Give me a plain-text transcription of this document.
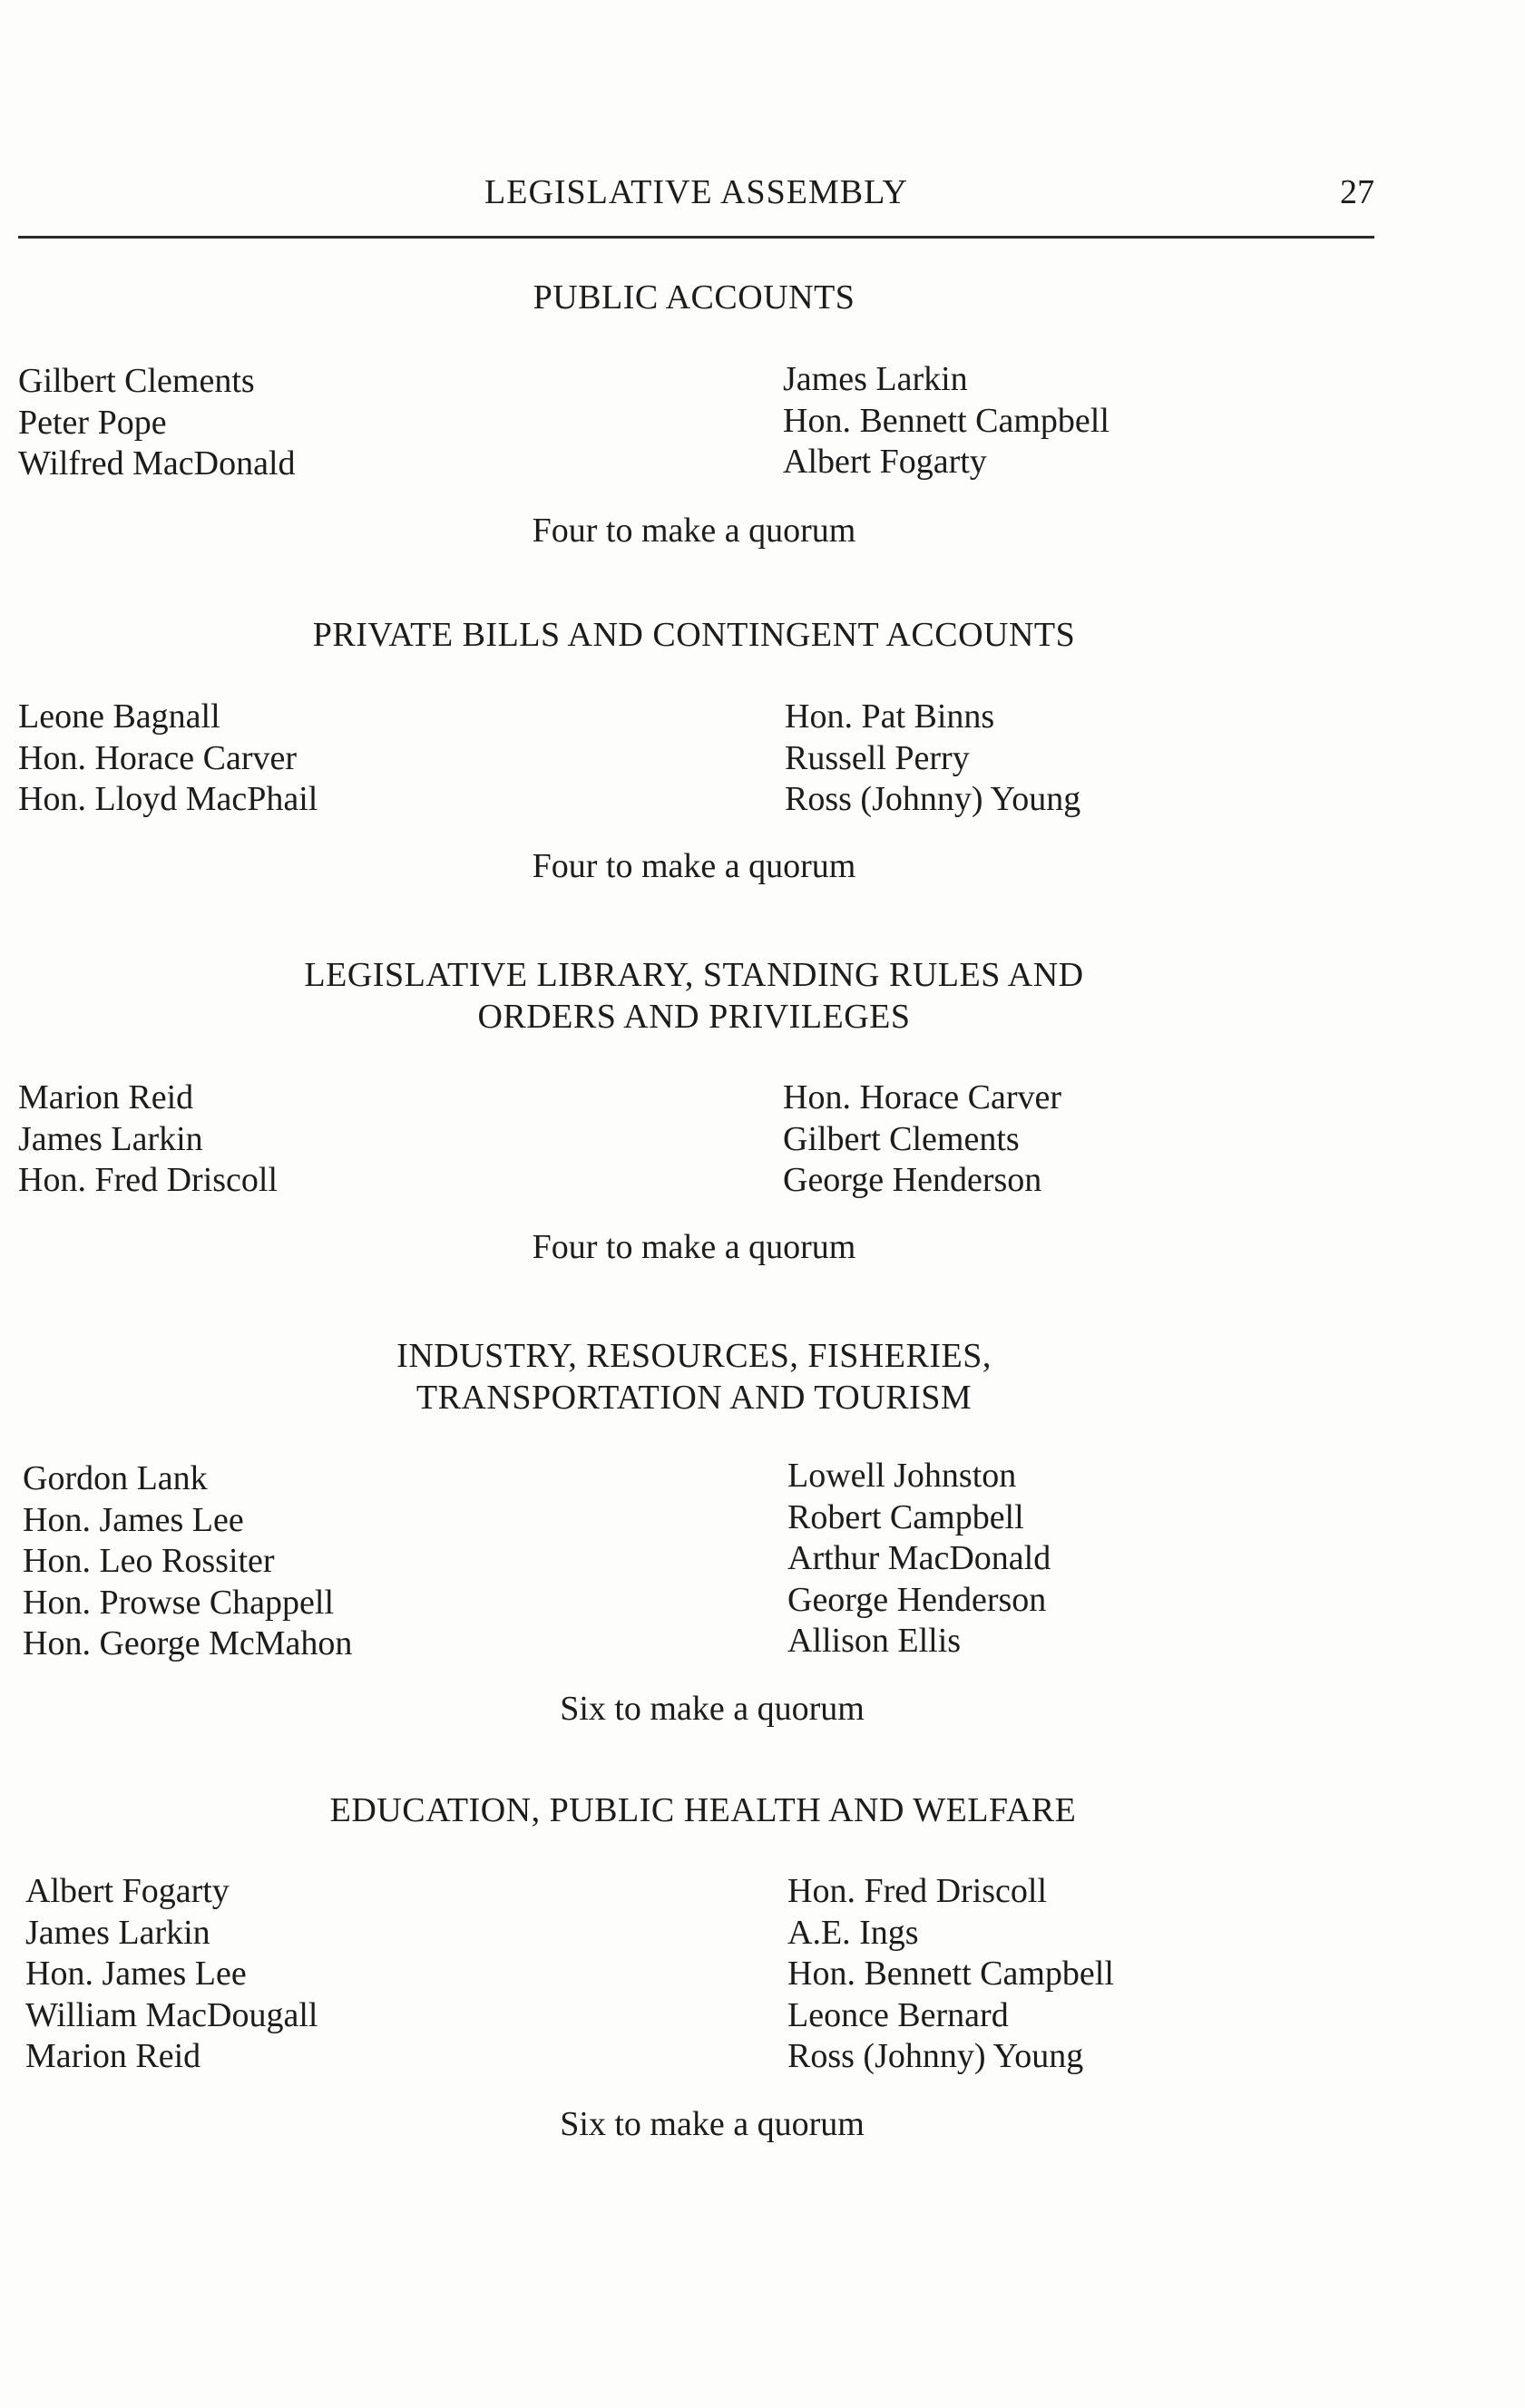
LEGISLATIVE ASSEMBLY	27
PUBLIC ACCOUNTS
Gilbert Clements
Peter Pope
Wilfred MacDonald
James Larkin
Hon. Bennett Campbell
Albert Fogarty
Four to make a quorum
PRIVATE BILLS AND CONTINGENT ACCOUNTS
Leone Bagnall
Hon. Horace Carver
Hon. Lloyd MacPhail
Hon. Pat Binns
Russell Perry
Ross (Johnny) Young
Four to make a quorum
LEGISLATIVE LIBRARY, STANDING RULES AND
ORDERS AND PRIVILEGES
Marion Reid
James Larkin
Hon. Fred Driscoll
Hon. Horace Carver
Gilbert Clements
George Henderson
Four to make a quorum
INDUSTRY, RESOURCES, FISHERIES,
TRANSPORTATION AND TOURISM
Gordon Lank
Hon. James Lee
Hon. Leo Rossiter
Hon. Prowse Chappell
Hon. George McMahon
Lowell Johnston
Robert Campbell
Arthur MacDonald
George Henderson
Allison Ellis
Six to make a quorum
EDUCATION, PUBLIC HEALTH AND WELFARE
Albert Fogarty
James Larkin
Hon. James Lee
William MacDougall
Marion Reid
Hon. Fred Driscoll
A.E. Ings
Hon. Bennett Campbell
Leonce Bernard
Ross (Johnny) Young
Six to make a quorum
